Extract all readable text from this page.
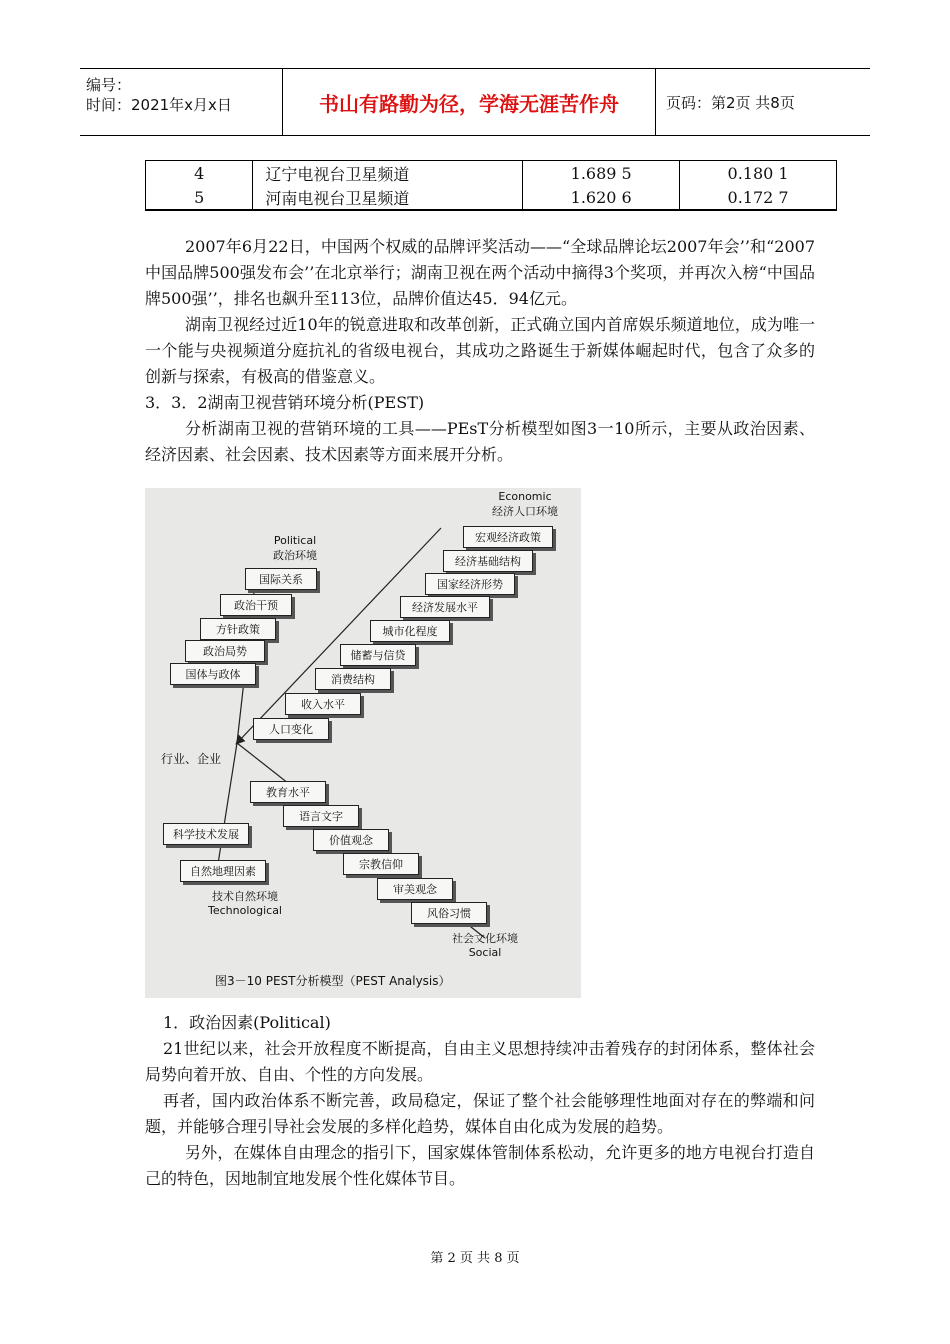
编号：
时间：2021年x月x日	书山有路勤为径，学海无涯苦作舟	页码：第2页 共8页
4	辽宁电视台卫星频道	1.689 5	0.180 1
5	河南电视台卫星频道	1.620 6	0.172 7

2007年6月22日，中国两个权威的品牌评奖活动——“全球品牌论坛2007年会’’和“2007中国品牌500强发布会’’在北京举行；湖南卫视在两个活动中摘得3个奖项，并再次入榜“中国品牌500强’’，排名也飙升至113位，品牌价值达45．94亿元。

湖南卫视经过近10年的锐意进取和改革创新，正式确立国内首席娱乐频道地位，成为唯一一个能与央视频道分庭抗礼的省级电视台，其成功之路诞生于新媒体崛起时代，包含了众多的创新与探索，有极高的借鉴意义。

3．3．2湖南卫视营销环境分析(PEST)

分析湖南卫视的营销环境的工具——PEsT分析模型如图3一10所示，主要从政治因素、经济因素、社会因素、技术因素等方面来展开分析。

Political
政治环境
Economic
经济人口环境
国际关系
政治干预
方针政策
政治局势
国体与政体
宏观经济政策
经济基础结构
国家经济形势
经济发展水平
城市化程度
储蓄与信贷
消费结构
收入水平
人口变化
行业、企业
科学技术发展
自然地理因素
技术自然环境
Technological
教育水平
语言文字
价值观念
宗教信仰
审美观念
风俗习惯
社会文化环境
Social
图3－10 PEST分析模型（PEST Analysis）

1．政治因素(Political)

21世纪以来，社会开放程度不断提高，自由主义思想持续冲击着残存的封闭体系，整体社会局势向着开放、自由、个性的方向发展。

再者，国内政治体系不断完善，政局稳定，保证了整个社会能够理性地面对存在的弊端和问题，并能够合理引导社会发展的多样化趋势，媒体自由化成为发展的趋势。

另外，在媒体自由理念的指引下，国家媒体管制体系松动，允许更多的地方电视台打造自己的特色，因地制宜地发展个性化媒体节目。

第 2 页 共 8 页
